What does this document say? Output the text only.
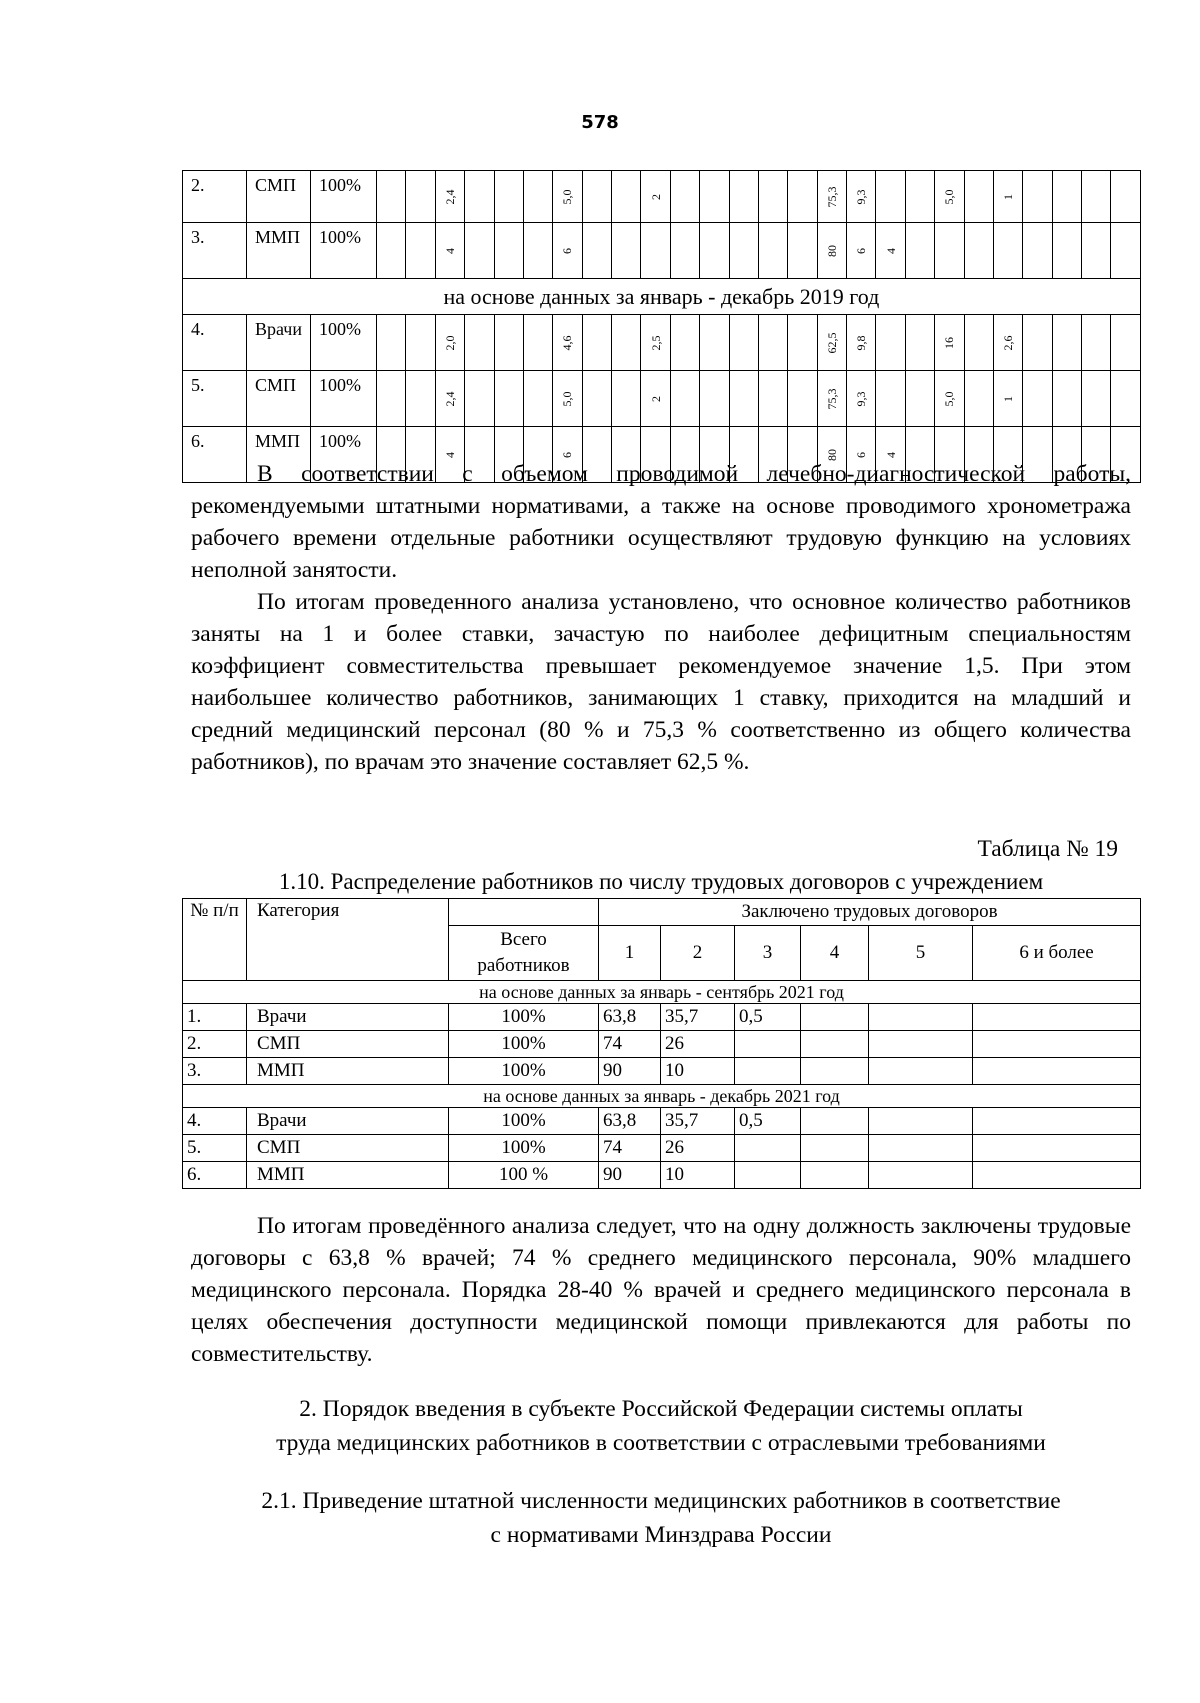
578
2.	СМП	100%			2,4				5,0			2						75,3	9,3			5,0		1				

3.	ММП	100%			4				6									80	6	4								

на основе данных за январь - декабрь 2019 год																												
4.	Врачи	100%			2,0				4,6			2,5						62,5	9,8			16		2,6				

5.	СМП	100%			2,4				5,0			2						75,3	9,3			5,0		1				

6.	ММП	100%			4				6									80	6	4								

В соответствии с объемом проводимой лечебно-диагностической работы, рекомендуемыми штатными нормативами, а также на основе проводимого хронометража рабочего времени отдельные работники осуществляют трудовую функцию на условиях неполной занятости.
По итогам проведенного анализа установлено, что основное количество работников заняты на 1 и более ставки, зачастую по наиболее дефицитным специальностям коэффициент совместительства превышает рекомендуемое значение 1,5. При этом наибольшее количество работников, занимающих 1 ставку, приходится на младший и средний медицинский персонал (80 % и 75,3 % соответственно из общего количества работников), по врачам это значение составляет 62,5 %.
Таблица № 19
1.10. Распределение работников по числу трудовых договоров с учреждением
№ п/п	Категория		Заключено трудовых договоров					
		Всего работников	1	2	3	4	5	6 и более
на основе данных за январь - сентябрь 2021 год								
1.	Врачи	100%	63,8	35,7	0,5			
2.	СМП	100%	74	26				
3.	ММП	100%	90	10				
на основе данных за январь - декабрь 2021 год								
4.	Врачи	100%	63,8	35,7	0,5			
5.	СМП	100%	74	26				
6.	ММП	100 %	90	10				
По итогам проведённого анализа следует, что на одну должность заключены трудовые договоры с 63,8 % врачей; 74 % среднего медицинского персонала, 90% младшего медицинского персонала. Порядка 28-40 % врачей и среднего медицинского персонала в целях обеспечения доступности медицинской помощи привлекаются для работы по совместительству.
2. Порядок введения в субъекте Российской Федерации системы оплаты
труда медицинских работников в соответствии с отраслевыми требованиями
2.1. Приведение штатной численности медицинских работников в соответствие
с нормативами Минздрава России
